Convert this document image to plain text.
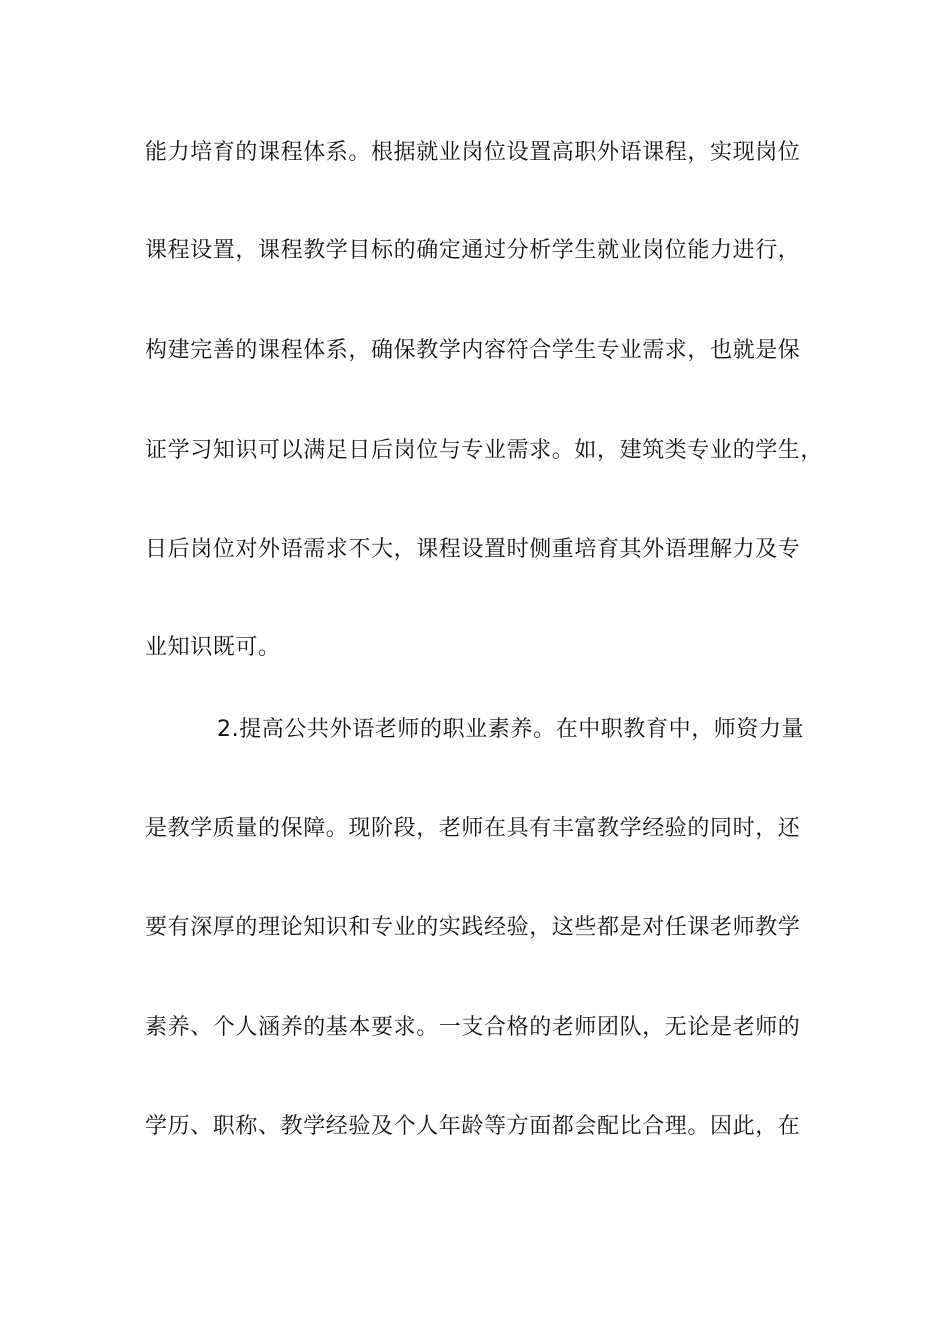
能力培育的课程体系。根据就业岗位设置高职外语课程，实现岗位
课程设置，课程教学目标的确定通过分析学生就业岗位能力进行，
构建完善的课程体系，确保教学内容符合学生专业需求，也就是保
证学习知识可以满足日后岗位与专业需求。如，建筑类专业的学生，
日后岗位对外语需求不大，课程设置时侧重培育其外语理解力及专
业知识既可。
2.提高公共外语老师的职业素养。在中职教育中，师资力量
是教学质量的保障。现阶段，老师在具有丰富教学经验的同时，还
要有深厚的理论知识和专业的实践经验，这些都是对任课老师教学
素养、个人涵养的基本要求。一支合格的老师团队，无论是老师的
学历、职称、教学经验及个人年龄等方面都会配比合理。因此，在
